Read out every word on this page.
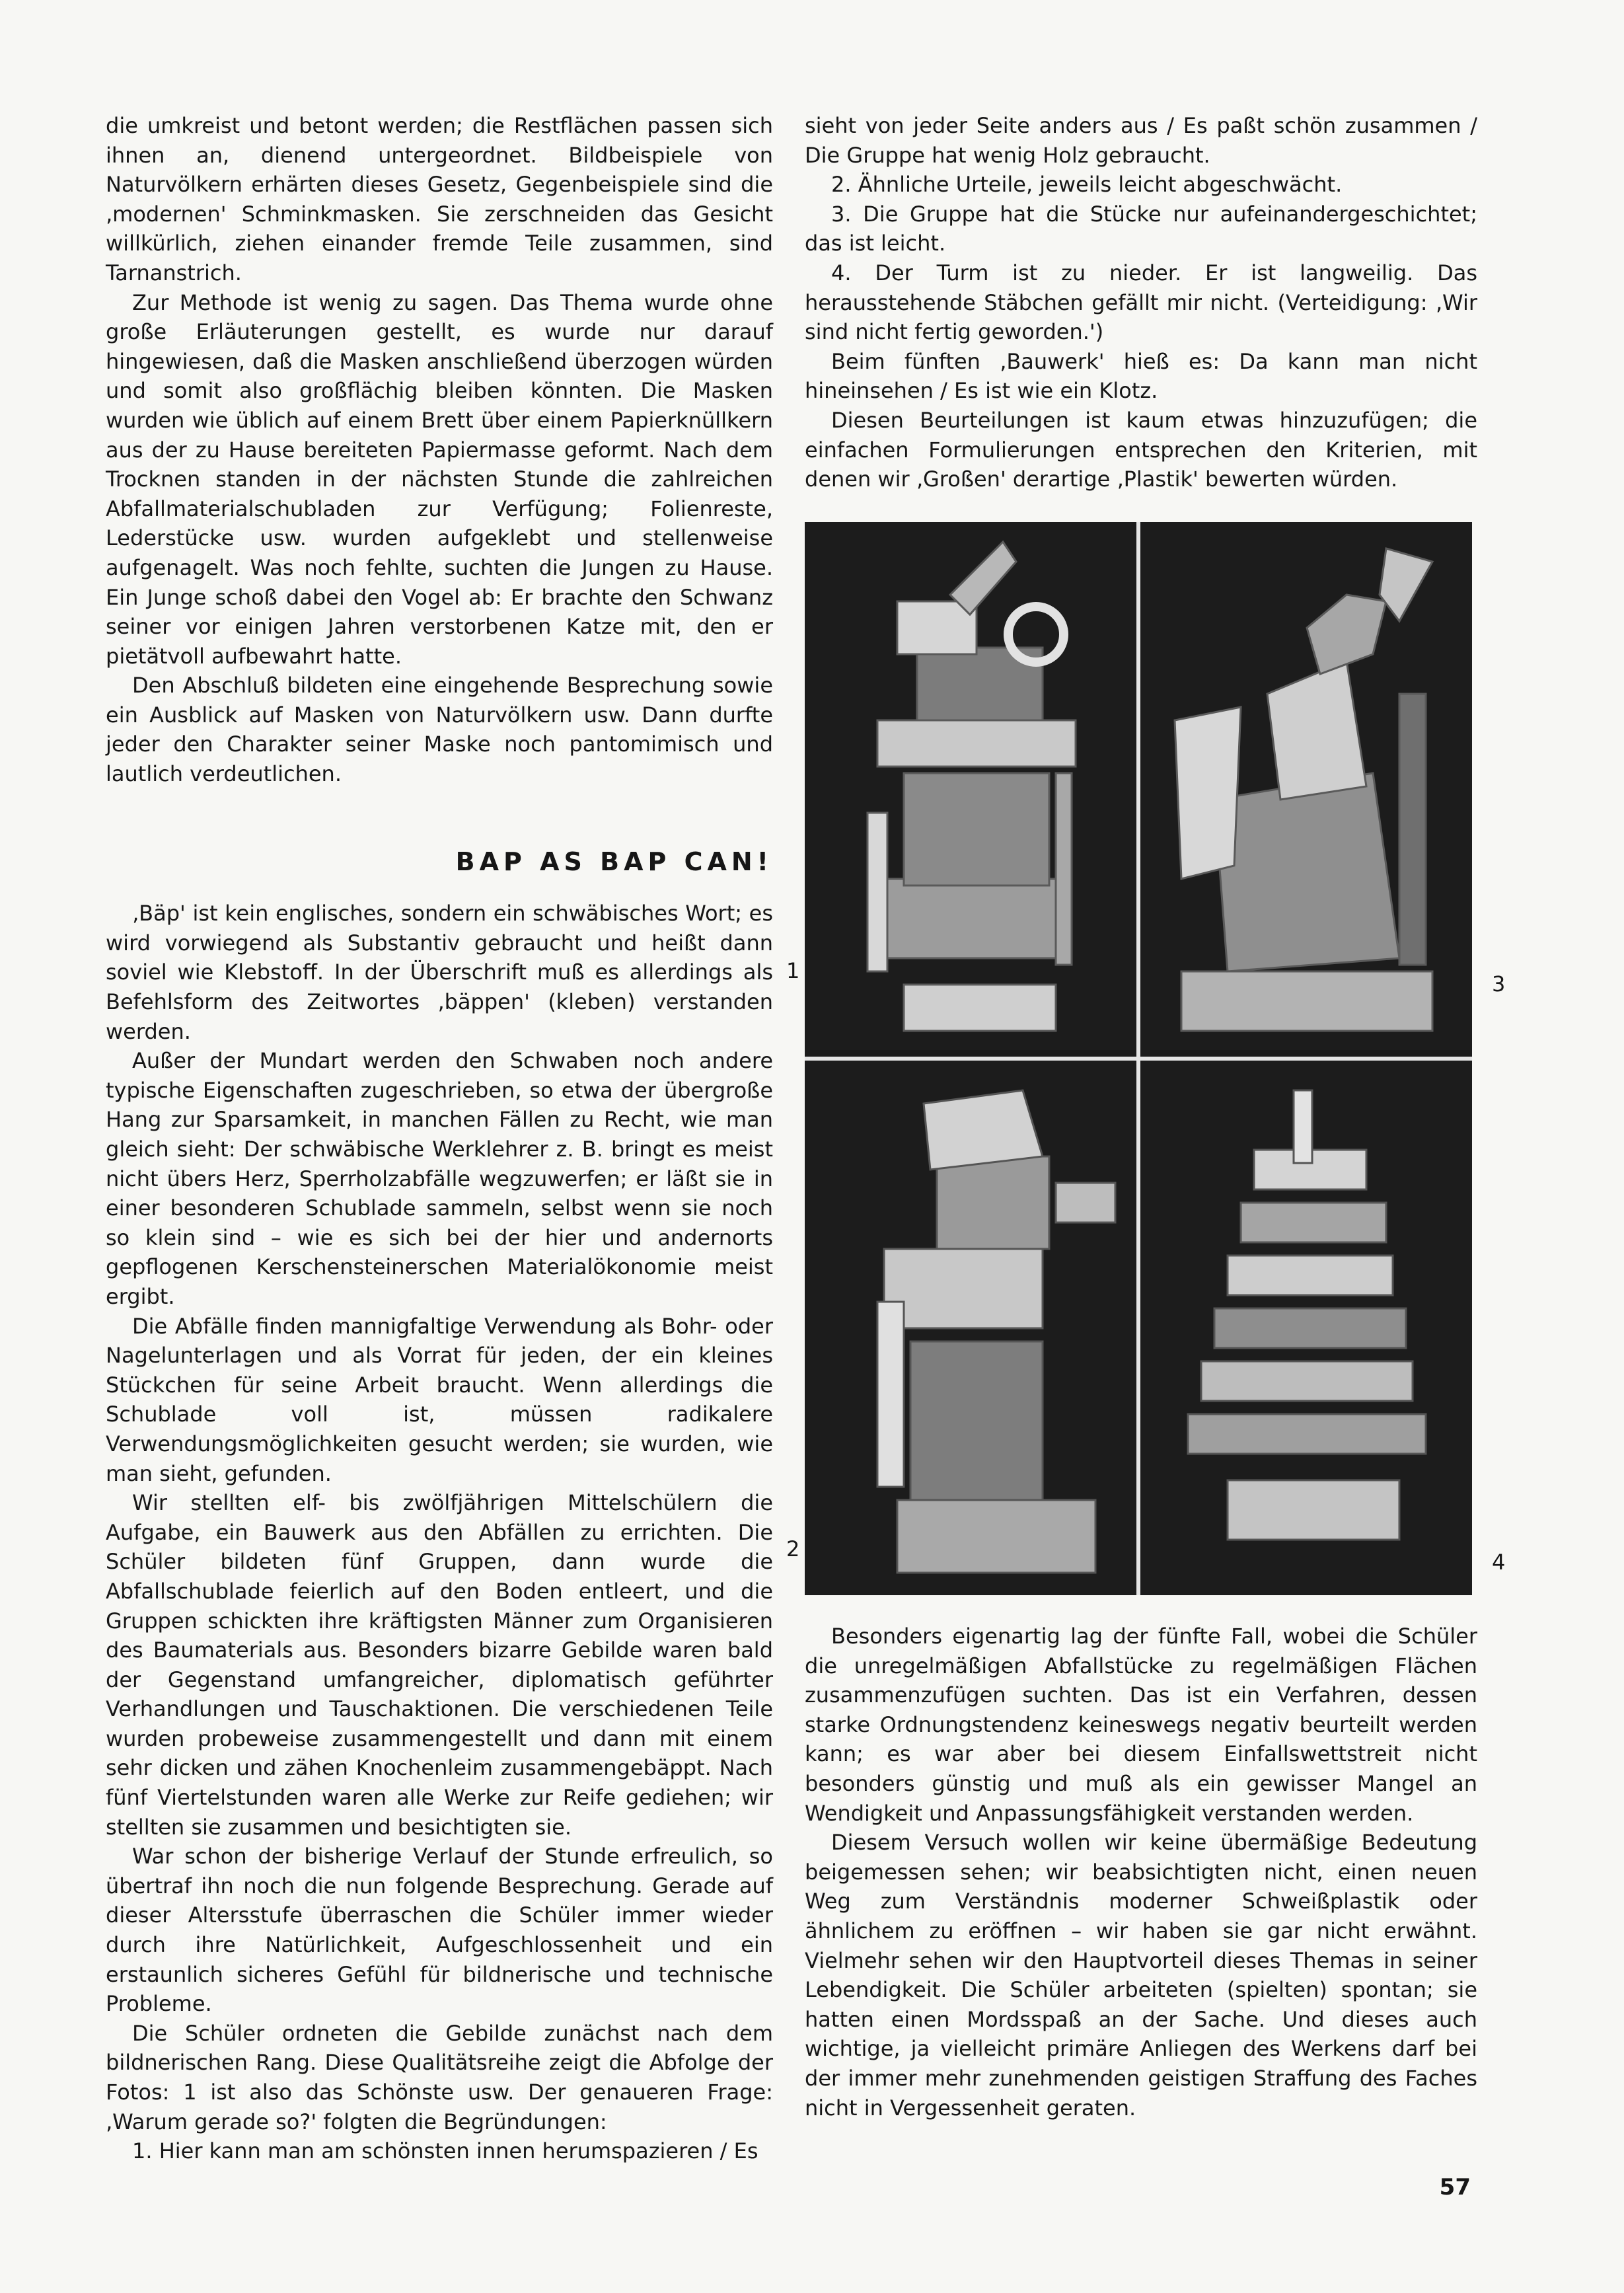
die umkreist und betont werden; die Restflächen passen sich ihnen an, dienend untergeordnet. Bildbeispiele von Naturvölkern erhärten dieses Gesetz, Gegenbeispiele sind die ‚modernen' Schminkmasken. Sie zerschneiden das Gesicht willkürlich, ziehen einander fremde Teile zusammen, sind Tarnanstrich.

Zur Methode ist wenig zu sagen. Das Thema wurde ohne große Erläuterungen gestellt, es wurde nur darauf hingewiesen, daß die Masken anschließend überzogen würden und somit also großflächig bleiben könnten. Die Masken wurden wie üblich auf einem Brett über einem Papierknüllkern aus der zu Hause bereiteten Papiermasse geformt. Nach dem Trocknen standen in der nächsten Stunde die zahlreichen Abfallmaterialschubladen zur Verfügung; Folienreste, Lederstücke usw. wurden aufgeklebt und stellenweise aufgenagelt. Was noch fehlte, suchten die Jungen zu Hause. Ein Junge schoß dabei den Vogel ab: Er brachte den Schwanz seiner vor einigen Jahren verstorbenen Katze mit, den er pietätvoll aufbewahrt hatte.

Den Abschluß bildeten eine eingehende Besprechung sowie ein Ausblick auf Masken von Naturvölkern usw. Dann durfte jeder den Charakter seiner Maske noch pantomimisch und lautlich verdeutlichen.

BAP AS BAP CAN!

‚Bäp' ist kein englisches, sondern ein schwäbisches Wort; es wird vorwiegend als Substantiv gebraucht und heißt dann soviel wie Klebstoff. In der Überschrift muß es allerdings als Befehlsform des Zeitwortes ‚bäppen' (kleben) verstanden werden.

Außer der Mundart werden den Schwaben noch andere typische Eigenschaften zugeschrieben, so etwa der übergroße Hang zur Sparsamkeit, in manchen Fällen zu Recht, wie man gleich sieht: Der schwäbische Werklehrer z. B. bringt es meist nicht übers Herz, Sperrholzabfälle wegzuwerfen; er läßt sie in einer besonderen Schublade sammeln, selbst wenn sie noch so klein sind – wie es sich bei der hier und andernorts gepflogenen Kerschensteinerschen Materialökonomie meist ergibt.

Die Abfälle finden mannigfaltige Verwendung als Bohr- oder Nagelunterlagen und als Vorrat für jeden, der ein kleines Stückchen für seine Arbeit braucht. Wenn allerdings die Schublade voll ist, müssen radikalere Verwendungsmöglichkeiten gesucht werden; sie wurden, wie man sieht, gefunden.

Wir stellten elf- bis zwölfjährigen Mittelschülern die Aufgabe, ein Bauwerk aus den Abfällen zu errichten. Die Schüler bildeten fünf Gruppen, dann wurde die Abfallschublade feierlich auf den Boden entleert, und die Gruppen schickten ihre kräftigsten Männer zum Organisieren des Baumaterials aus. Besonders bizarre Gebilde waren bald der Gegenstand umfangreicher, diplomatisch geführter Verhandlungen und Tauschaktionen. Die verschiedenen Teile wurden probeweise zusammengestellt und dann mit einem sehr dicken und zähen Knochenleim zusammengebäppt. Nach fünf Viertelstunden waren alle Werke zur Reife gediehen; wir stellten sie zusammen und besichtigten sie.

War schon der bisherige Verlauf der Stunde erfreulich, so übertraf ihn noch die nun folgende Besprechung. Gerade auf dieser Altersstufe überraschen die Schüler immer wieder durch ihre Natürlichkeit, Aufgeschlossenheit und ein erstaunlich sicheres Gefühl für bildnerische und technische Probleme.

Die Schüler ordneten die Gebilde zunächst nach dem bildnerischen Rang. Diese Qualitätsreihe zeigt die Abfolge der Fotos: 1 ist also das Schönste usw. Der genaueren Frage: ‚Warum gerade so?' folgten die Begründungen:

1. Hier kann man am schönsten innen herumspazieren / Es

sieht von jeder Seite anders aus / Es paßt schön zusammen / Die Gruppe hat wenig Holz gebraucht.

2. Ähnliche Urteile, jeweils leicht abgeschwächt.

3. Die Gruppe hat die Stücke nur aufeinandergeschichtet; das ist leicht.

4. Der Turm ist zu nieder. Er ist langweilig. Das herausstehende Stäbchen gefällt mir nicht. (Verteidigung: ‚Wir sind nicht fertig geworden.')

Beim fünften ‚Bauwerk' hieß es: Da kann man nicht hineinsehen / Es ist wie ein Klotz.

Diesen Beurteilungen ist kaum etwas hinzuzufügen; die einfachen Formulierungen entsprechen den Kriterien, mit denen wir ‚Großen' derartige ‚Plastik' bewerten würden.

1
3
2
4

Besonders eigenartig lag der fünfte Fall, wobei die Schüler die unregelmäßigen Abfallstücke zu regelmäßigen Flächen zusammenzufügen suchten. Das ist ein Verfahren, dessen starke Ordnungstendenz keineswegs negativ beurteilt werden kann; es war aber bei diesem Einfallswettstreit nicht besonders günstig und muß als ein gewisser Mangel an Wendigkeit und Anpassungsfähigkeit verstanden werden.

Diesem Versuch wollen wir keine übermäßige Bedeutung beigemessen sehen; wir beabsichtigten nicht, einen neuen Weg zum Verständnis moderner Schweißplastik oder ähnlichem zu eröffnen – wir haben sie gar nicht erwähnt. Vielmehr sehen wir den Hauptvorteil dieses Themas in seiner Lebendigkeit. Die Schüler arbeiteten (spielten) spontan; sie hatten einen Mordsspaß an der Sache. Und dieses auch wichtige, ja vielleicht primäre Anliegen des Werkens darf bei der immer mehr zunehmenden geistigen Straffung des Faches nicht in Vergessenheit geraten.

57
